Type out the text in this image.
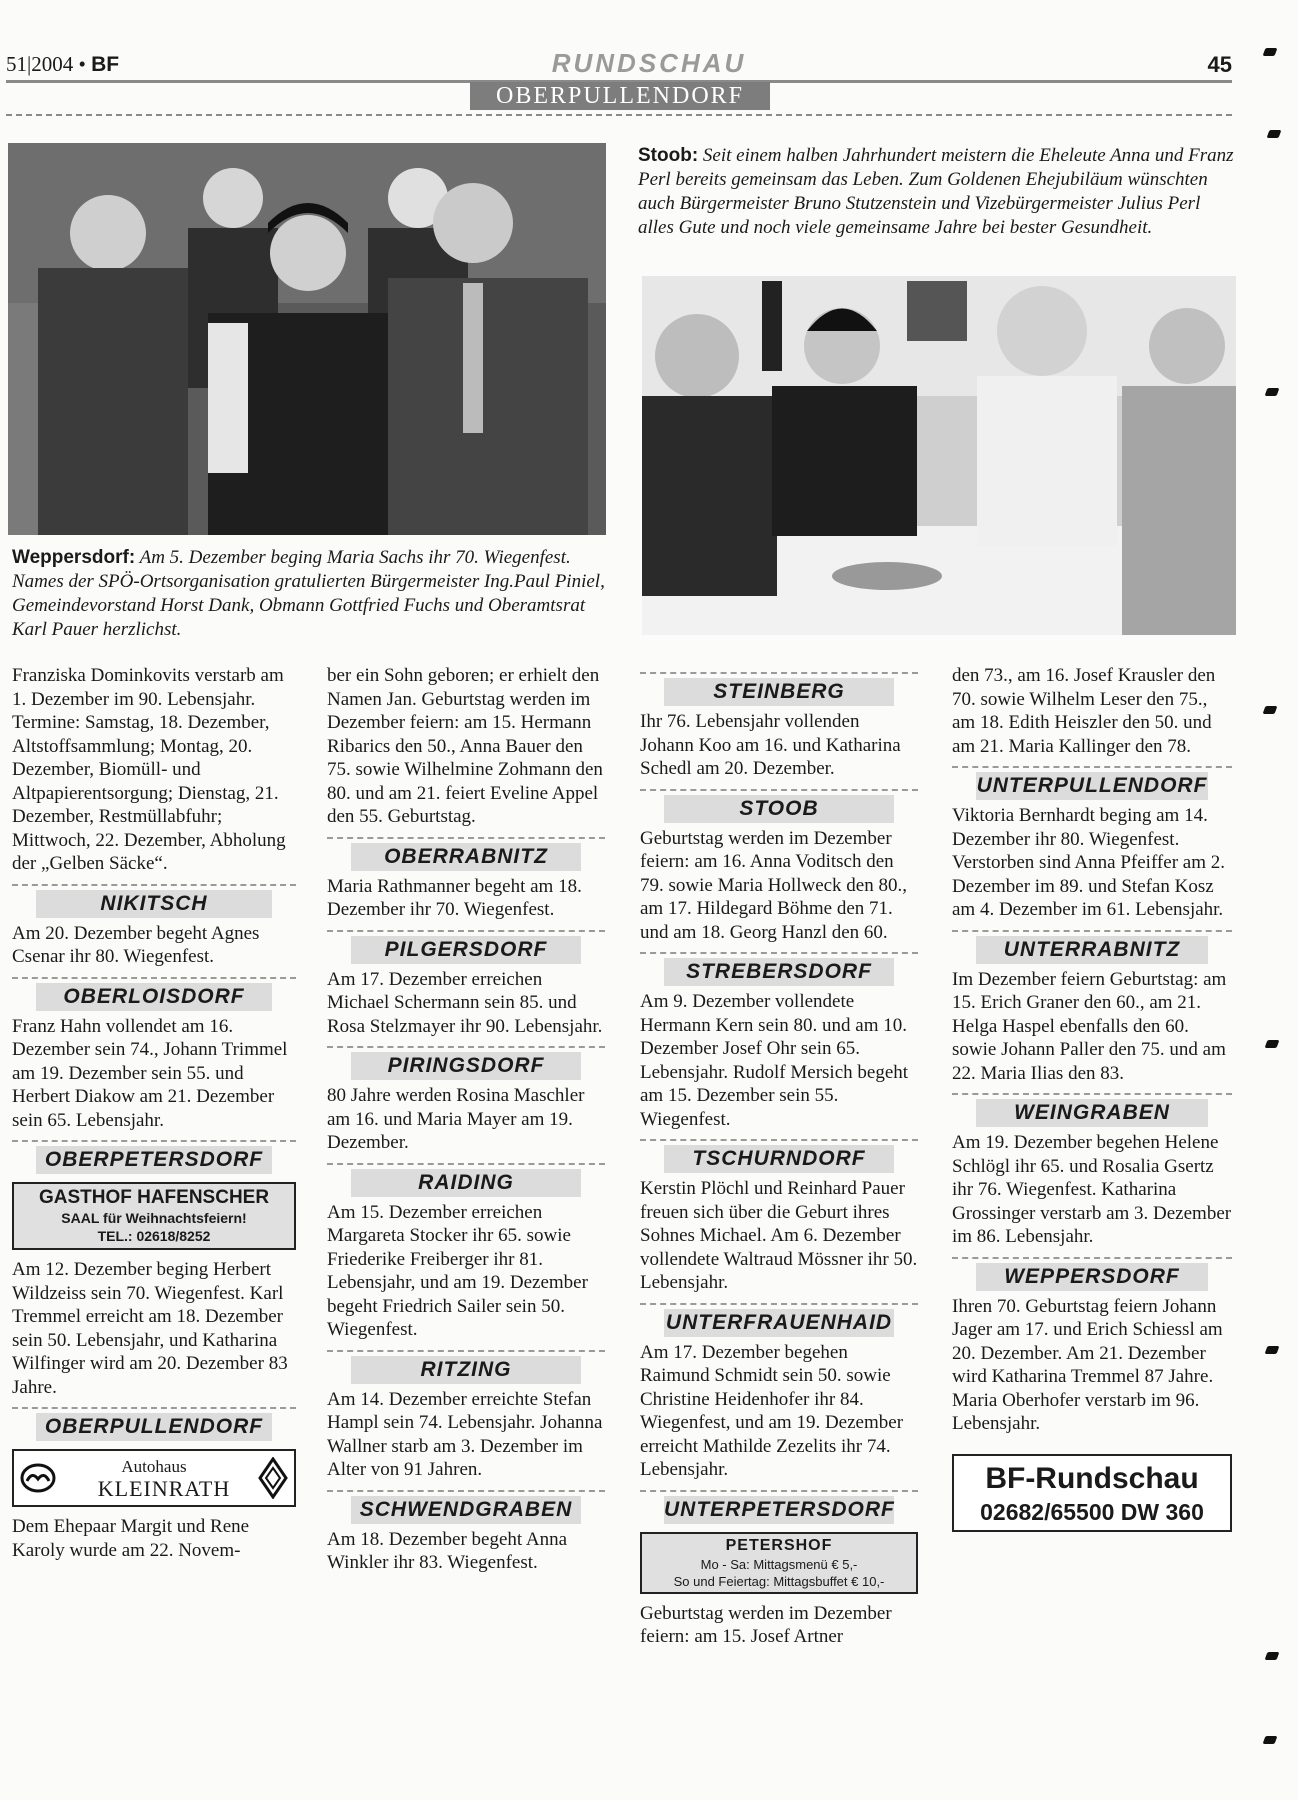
51|2004 • BF	RUNDSCHAU	45
OBERPULLENDORF
Stoob: Seit einem halben Jahrhundert meistern die Eheleute Anna und Franz Perl bereits gemeinsam das Leben. Zum Goldenen Ehejubiläum wünschten auch Bürgermeister Bruno Stutzenstein und Vizebürgermeister Julius Perl alles Gute und noch viele gemeinsame Jahre bei bester Gesundheit.
Weppersdorf: Am 5. Dezember beging Maria Sachs ihr 70. Wiegenfest. Names der SPÖ-Ortsorganisation gratulierten Bürgermeister Ing.Paul Piniel, Gemeindevorstand Horst Dank, Obmann Gottfried Fuchs und Oberamtsrat Karl Pauer herzlichst.

Franziska Dominkovits verstarb am 1. Dezember im 90. Lebensjahr. Termine: Samstag, 18. Dezember, Altstoffsammlung; Montag, 20. Dezember, Biomüll- und Altpapierentsorgung; Dienstag, 21. Dezember, Restmüllabfuhr; Mittwoch, 22. Dezember, Abholung der „Gelben Säcke“.

NIKITSCH

Am 20. Dezember begeht Agnes Csenar ihr 80. Wiegenfest.

OBERLOISDORF

Franz Hahn vollendet am 16. Dezember sein 74., Johann Trimmel am 19. Dezember sein 55. und Herbert Diakow am 21. Dezember sein 65. Lebensjahr.

OBERPETERSDORF
GASTHOF HAFENSCHER
SAAL für Weihnachtsfeiern!
TEL.: 02618/8252

Am 12. Dezember beging Herbert Wildzeiss sein 70. Wiegenfest. Karl Tremmel erreicht am 18. Dezember sein 50. Lebensjahr, und Katharina Wilfinger wird am 20. Dezember 83 Jahre.

OBERPULLENDORF
Autohaus
KLEINRATH

Dem Ehepaar Margit und Rene Karoly wurde am 22. Novem-

ber ein Sohn geboren; er erhielt den Namen Jan. Geburtstag werden im Dezember feiern: am 15. Hermann Ribarics den 50., Anna Bauer den 75. sowie Wilhelmine Zohmann den 80. und am 21. feiert Eveline Appel den 55. Geburtstag.

OBERRABNITZ

Maria Rathmanner begeht am 18. Dezember ihr 70. Wiegenfest.

PILGERSDORF

Am 17. Dezember erreichen Michael Schermann sein 85. und Rosa Stelzmayer ihr 90. Lebensjahr.

PIRINGSDORF

80 Jahre werden Rosina Maschler am 16. und Maria Mayer am 19. Dezember.

RAIDING

Am 15. Dezember erreichen Margareta Stocker ihr 65. sowie Friederike Freiberger ihr 81. Lebensjahr, und am 19. Dezember begeht Friedrich Sailer sein 50. Wiegenfest.

RITZING

Am 14. Dezember erreichte Stefan Hampl sein 74. Lebensjahr. Johanna Wallner starb am 3. Dezember im Alter von 91 Jahren.

SCHWENDGRABEN

Am 18. Dezember begeht Anna Winkler ihr 83. Wiegenfest.

STEINBERG

Ihr 76. Lebensjahr vollenden Johann Koo am 16. und Katharina Schedl am 20. Dezember.

STOOB

Geburtstag werden im Dezember feiern: am 16. Anna Voditsch den 79. sowie Maria Hollweck den 80., am 17. Hildegard Böhme den 71. und am 18. Georg Hanzl den 60.

STREBERSDORF

Am 9. Dezember vollendete Hermann Kern sein 80. und am 10. Dezember Josef Ohr sein 65. Lebensjahr. Rudolf Mersich begeht am 15. Dezember sein 55. Wiegenfest.

TSCHURNDORF

Kerstin Plöchl und Reinhard Pauer freuen sich über die Geburt ihres Sohnes Michael. Am 6. Dezember vollendete Waltraud Mössner ihr 50. Lebensjahr.

UNTERFRAUENHAID

Am 17. Dezember begehen Raimund Schmidt sein 50. sowie Christine Heidenhofer ihr 84. Wiegenfest, und am 19. Dezember erreicht Mathilde Zezelits ihr 74. Lebensjahr.

UNTERPETERSDORF
PETERSHOF
Mo - Sa: Mittagsmenü € 5,-
So und Feiertag: Mittagsbuffet € 10,-

Geburtstag werden im Dezember feiern: am 15. Josef Artner

den 73., am 16. Josef Krausler den 70. sowie Wilhelm Leser den 75., am 18. Edith Heiszler den 50. und am 21. Maria Kallinger den 78.

UNTERPULLENDORF

Viktoria Bernhardt beging am 14. Dezember ihr 80. Wiegenfest. Verstorben sind Anna Pfeiffer am 2. Dezember im 89. und Stefan Kosz am 4. Dezember im 61. Lebensjahr.

UNTERRABNITZ

Im Dezember feiern Geburtstag: am 15. Erich Graner den 60., am 21. Helga Haspel ebenfalls den 60. sowie Johann Paller den 75. und am 22. Maria Ilias den 83.

WEINGRABEN

Am 19. Dezember begehen Helene Schlögl ihr 65. und Rosalia Gsertz ihr 76. Wiegenfest. Katharina Grossinger verstarb am 3. Dezember im 86. Lebensjahr.

WEPPERSDORF

Ihren 70. Geburtstag feiern Johann Jager am 17. und Erich Schiessl am 20. Dezember. Am 21. Dezember wird Katharina Tremmel 87 Jahre. Maria Oberhofer verstarb im 96. Lebensjahr.

BF-Rundschau
02682/65500 DW 360
